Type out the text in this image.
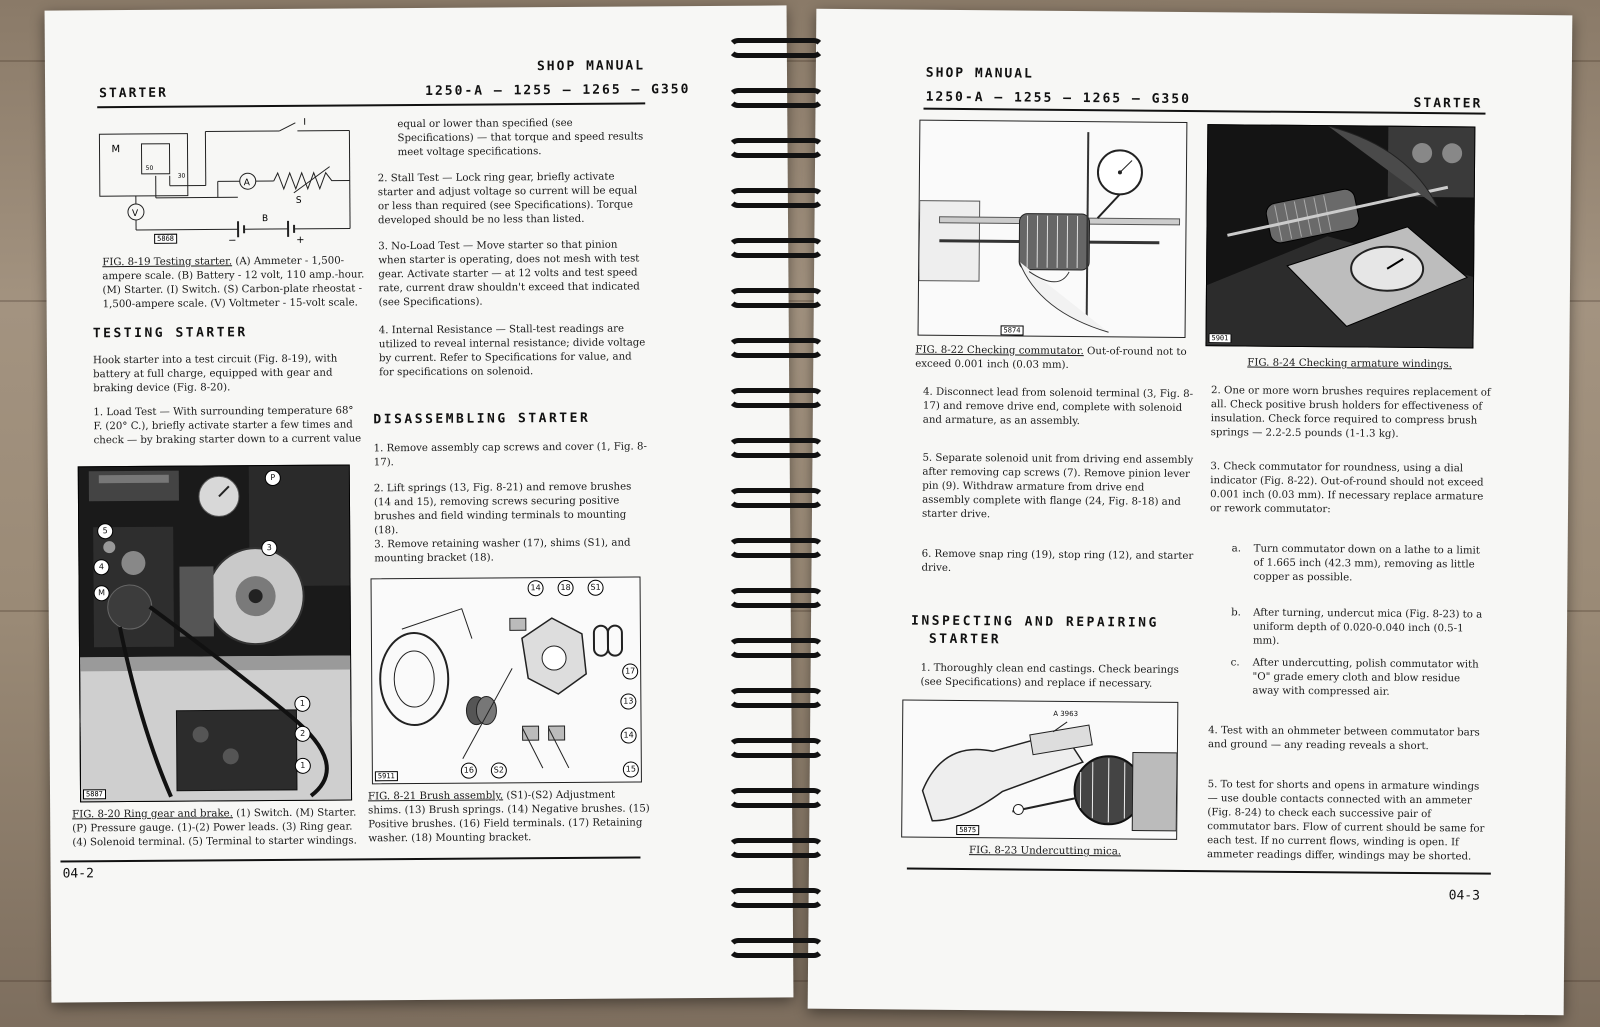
STARTER
SHOP MANUAL
1250-A – 1255 – 1265 – G350
M
50
30
I
A
S
V
B
−	+
5868
FIG. 8-19 Testing starter. (A) Ammeter - 1,500-ampere scale. (B) Battery - 12 volt, 110 amp.-hour. (M) Starter. (I) Switch. (S) Carbon-plate rheostat - 1,500-ampere scale. (V) Voltmeter - 15-volt scale.
TESTING STARTER
Hook starter into a test circuit (Fig. 8-19), with battery at full charge, equipped with gear and braking device (Fig. 8-20).
1. Load Test — With surrounding temperature 68° F. (20° C.), briefly activate starter a few times and check — by braking starter down to a current value
equal or lower than specified (see Specifications) — that torque and speed results meet voltage specifications.
2. Stall Test — Lock ring gear, briefly activate starter and adjust voltage so current will be equal or less than required (see Specifications). Torque developed should be no less than listed.
3. No-Load Test — Move starter so that pinion when starter is operating, does not mesh with test gear. Activate starter — at 12 volts and test speed rate, current draw shouldn't exceed that indicated (see Specifications).
4. Internal Resistance — Stall-test readings are utilized to reveal internal resistance; divide voltage by current. Refer to Specifications for value, and for specifications on solenoid.
DISASSEMBLING STARTER
1. Remove assembly cap screws and cover (1, Fig. 8-17).
2. Lift springs (13, Fig. 8-21) and remove brushes (14 and 15), removing screws securing positive brushes and field winding terminals to mounting (18).
3. Remove retaining washer (17), shims (S1), and mounting bracket (18).
P
5
4
M
3
1
2
1
5887
FIG. 8-20 Ring gear and brake. (1) Switch. (M) Starter. (P) Pressure gauge. (1)-(2) Power leads. (3) Ring gear. (4) Solenoid terminal. (5) Terminal to starter windings.
14	18	S1
17
13
14
16	S2	15
5911
FIG. 8-21 Brush assembly. (S1)-(S2) Adjustment shims. (13) Brush springs. (14) Negative brushes. (15) Positive brushes. (16) Field terminals. (17) Retaining washer. (18) Mounting bracket.
04-2
SHOP MANUAL
1250-A – 1255 – 1265 – G350	STARTER
5874
FIG. 8-22 Checking commutator. Out-of-round not to exceed 0.001 inch (0.03 mm).
5901
FIG. 8-24 Checking armature windings.
4. Disconnect lead from solenoid terminal (3, Fig. 8-17) and remove drive end, complete with solenoid and armature, as an assembly.
5. Separate solenoid unit from driving end assembly after removing cap screws (7). Remove pinion lever pin (9). Withdraw armature from drive end assembly complete with flange (24, Fig. 8-18) and starter drive.
6. Remove snap ring (19), stop ring (12), and starter drive.
INSPECTING AND REPAIRING
STARTER
1. Thoroughly clean end castings. Check bearings (see Specifications) and replace if necessary.
A 3963
5875
FIG. 8-23 Undercutting mica.
2. One or more worn brushes requires replacement of all. Check positive brush holders for effectiveness of insulation. Check force required to compress brush springs — 2.2-2.5 pounds (1-1.3 kg).
3. Check commutator for roundness, using a dial indicator (Fig. 8-22). Out-of-round should not exceed 0.001 inch (0.03 mm). If necessary replace armature or rework commutator:
a.	Turn commutator down on a lathe to a limit of 1.665 inch (42.3 mm), removing as little copper as possible.
b.	After turning, undercut mica (Fig. 8-23) to a uniform depth of 0.020-0.040 inch (0.5-1 mm).
c.	After undercutting, polish commutator with "O" grade emery cloth and blow residue away with compressed air.
4. Test with an ohmmeter between commutator bars and ground — any reading reveals a short.
5. To test for shorts and opens in armature windings — use double contacts connected with an ammeter (Fig. 8-24) to check each successive pair of commutator bars. Flow of current should be same for each test. If no current flows, winding is open. If ammeter readings differ, windings may be shorted.
04-3
